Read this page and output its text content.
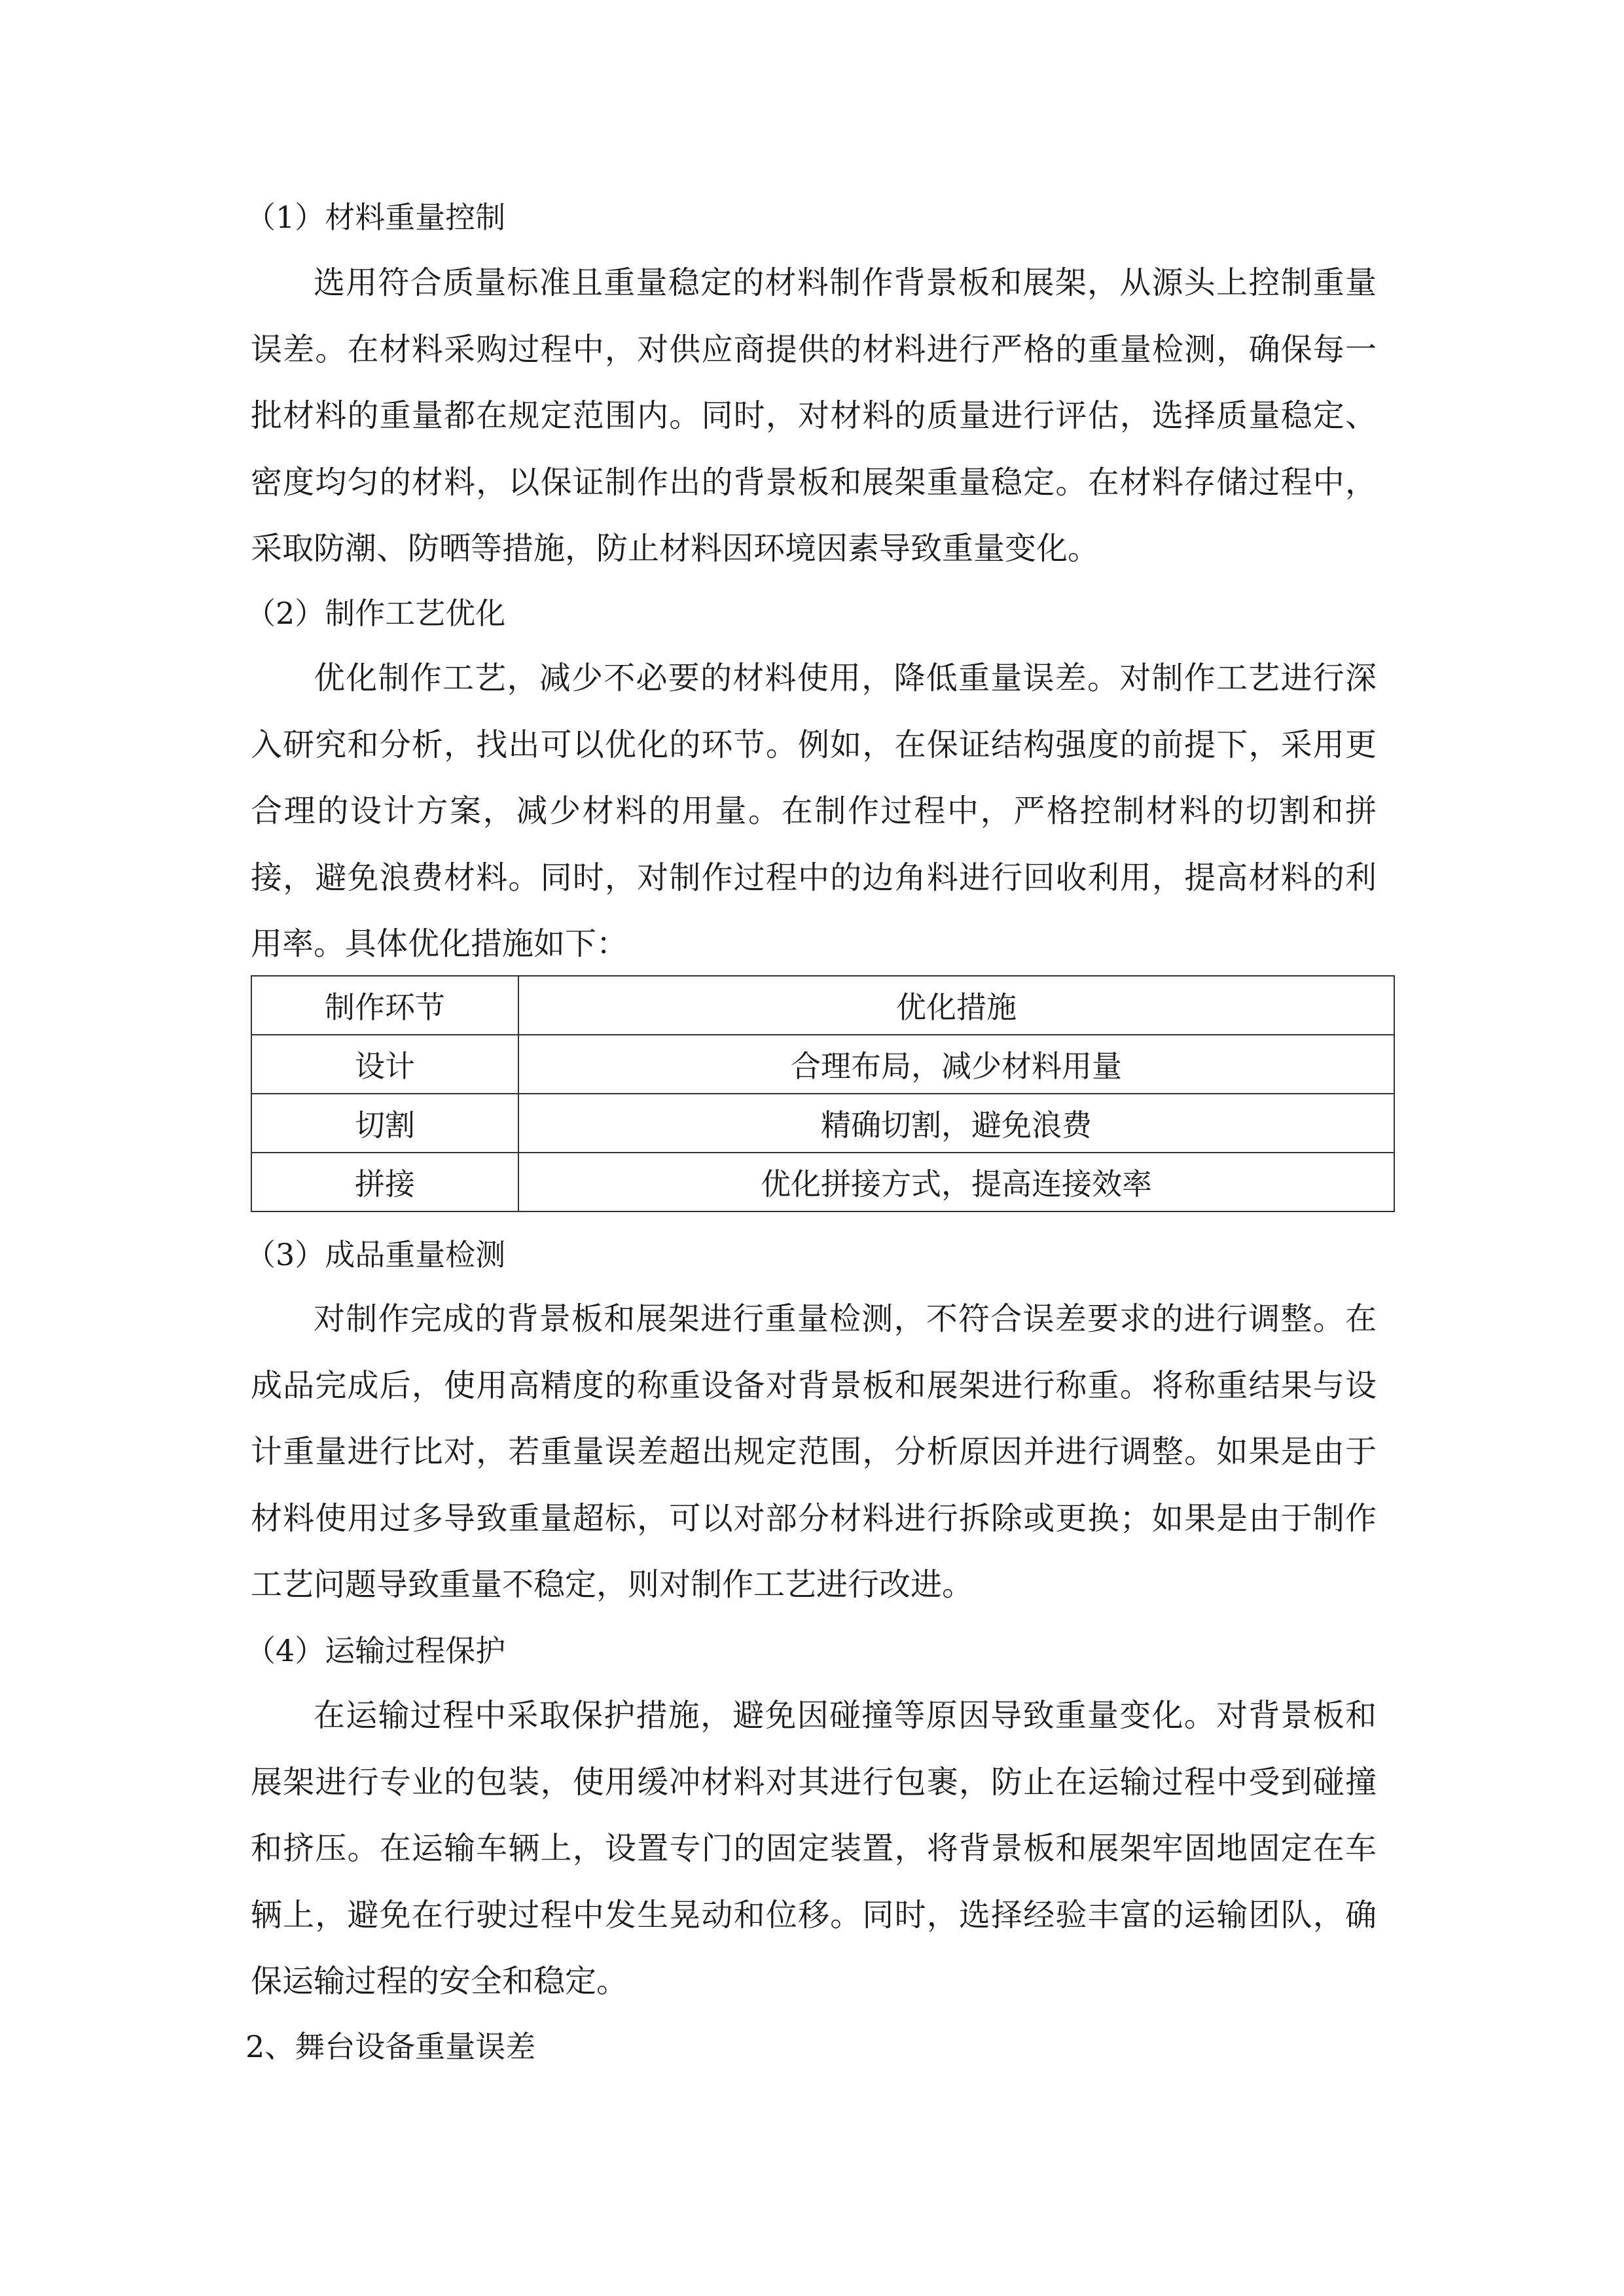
（1）材料重量控制
选用符合质量标准且重量稳定的材料制作背景板和展架，从源头上控制重量误差。在材料采购过程中，对供应商提供的材料进行严格的重量检测，确保每一批材料的重量都在规定范围内。同时，对材料的质量进行评估，选择质量稳定、密度均匀的材料，以保证制作出的背景板和展架重量稳定。在材料存储过程中，采取防潮、防晒等措施，防止材料因环境因素导致重量变化。
（2）制作工艺优化
优化制作工艺，减少不必要的材料使用，降低重量误差。对制作工艺进行深入研究和分析，找出可以优化的环节。例如，在保证结构强度的前提下，采用更合理的设计方案，减少材料的用量。在制作过程中，严格控制材料的切割和拼接，避免浪费材料。同时，对制作过程中的边角料进行回收利用，提高材料的利用率。具体优化措施如下：
制作环节	优化措施
设计	合理布局，减少材料用量
切割	精确切割，避免浪费
拼接	优化拼接方式，提高连接效率
（3）成品重量检测
对制作完成的背景板和展架进行重量检测，不符合误差要求的进行调整。在成品完成后，使用高精度的称重设备对背景板和展架进行称重。将称重结果与设计重量进行比对，若重量误差超出规定范围，分析原因并进行调整。如果是由于材料使用过多导致重量超标，可以对部分材料进行拆除或更换；如果是由于制作工艺问题导致重量不稳定，则对制作工艺进行改进。
（4）运输过程保护
在运输过程中采取保护措施，避免因碰撞等原因导致重量变化。对背景板和展架进行专业的包装，使用缓冲材料对其进行包裹，防止在运输过程中受到碰撞和挤压。在运输车辆上，设置专门的固定装置，将背景板和展架牢固地固定在车辆上，避免在行驶过程中发生晃动和位移。同时，选择经验丰富的运输团队，确保运输过程的安全和稳定。
2、舞台设备重量误差
